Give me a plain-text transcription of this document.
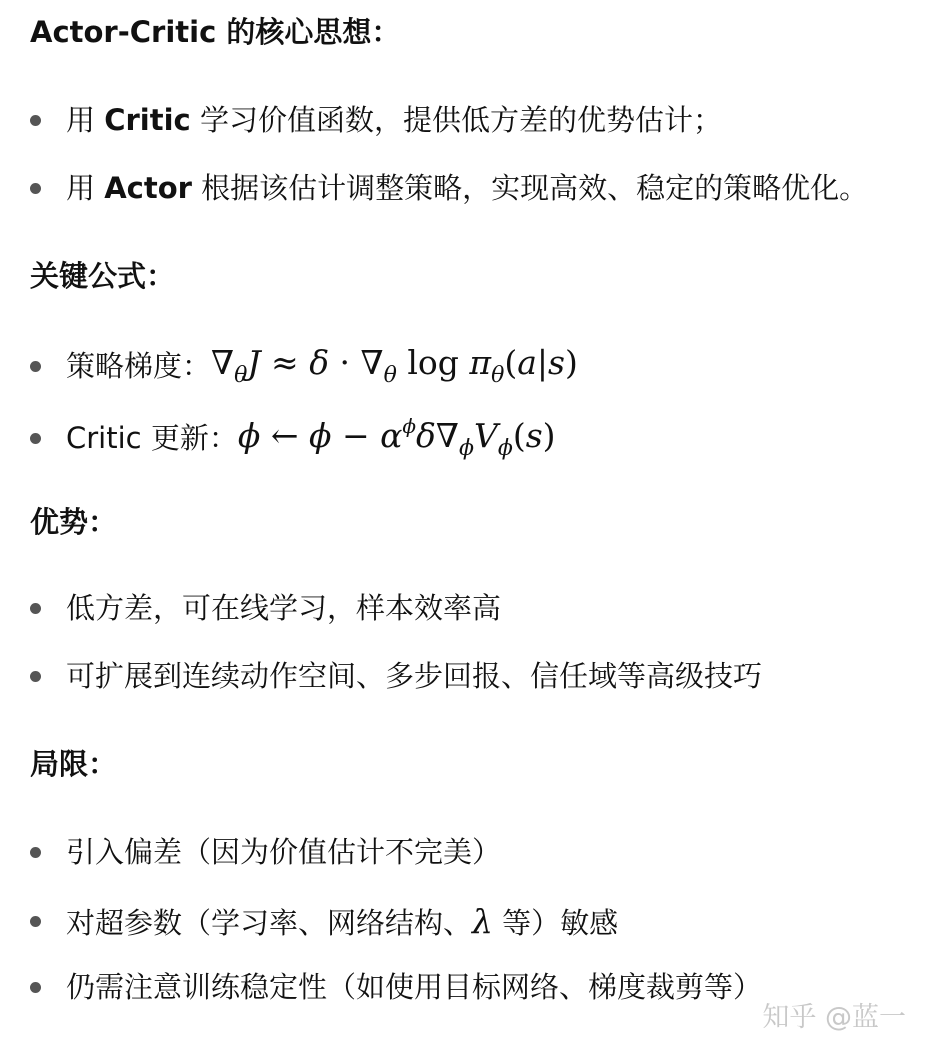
Actor-Critic 的核心思想：
用 Critic 学习价值函数，提供低方差的优势估计；
用 Actor 根据该估计调整策略，实现高效、稳定的策略优化。
关键公式：
策略梯度： $\nabla_\theta J \approx \delta \cdot \nabla_\theta$ $\log \pi_\theta(a|s)$
Critic 更新： ϕ ← $\phi - \alpha^\phi\delta\nabla_\phi V_\phi(s)$
优势：
低方差，可在线学习，样本效率高
可扩展到连续动作空间、多步回报、信任域等高级技巧
局限：
引入偏差（因为价值估计不完美）
对超参数（学习率、网络结构、λ 等）敏感
仍需注意训练稳定性（如使用目标网络、梯度裁剪等）
知乎 @蓝一
